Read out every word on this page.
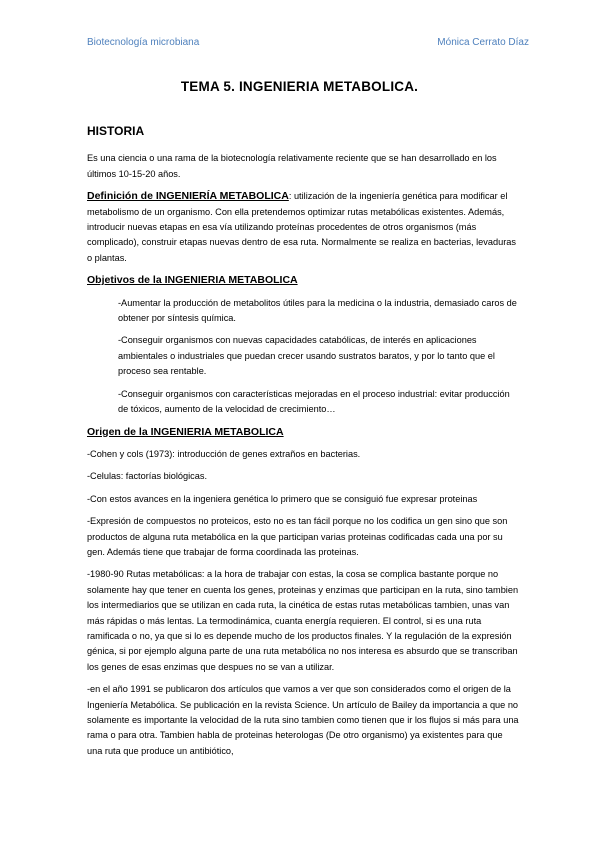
Biotecnología microbiana	Mónica Cerrato Díaz
TEMA 5. INGENIERIA METABOLICA.
HISTORIA

Es una ciencia o una rama de la biotecnología relativamente reciente que se han desarrollado en los últimos 10-15-20 años.

Definición de INGENIERÍA METABOLICA: utilización de la ingeniería genética para modificar el metabolismo de un organismo. Con ella pretendemos optimizar rutas metabólicas existentes. Además, introducir nuevas etapas en esa vía utilizando proteínas procedentes de otros organismos (más complicado), construir etapas nuevas dentro de esa ruta. Normalmente se realiza en bacterias, levaduras o plantas.

Objetivos de la INGENIERIA METABOLICA

-Aumentar la producción de metabolitos útiles para la medicina o la industria, demasiado caros de obtener por síntesis química.

-Conseguir organismos con nuevas capacidades catabólicas, de interés en aplicaciones ambientales o industriales que puedan crecer usando sustratos baratos, y por lo tanto que el proceso sea rentable.

-Conseguir organismos con características mejoradas en el proceso industrial: evitar producción de tóxicos, aumento de la velocidad de crecimiento…

Origen de la INGENIERIA METABOLICA

-Cohen y cols (1973): introducción de genes extraños en bacterias.

-Celulas: factorías biológicas.

-Con estos avances en la ingeniera genética lo primero que se consiguió fue expresar proteinas

-Expresión de compuestos no proteicos, esto no es tan fácil porque no los codifica un gen sino que son productos de alguna ruta metabólica en la que participan varias proteinas codificadas cada una por su gen. Además tiene que trabajar de forma coordinada las proteinas.

-1980-90 Rutas metabólicas: a la hora de trabajar con estas, la cosa se complica bastante porque no solamente hay que tener en cuenta los genes, proteinas y enzimas que participan en la ruta, sino tambien los intermediarios que se utilizan en cada ruta, la cinética de estas rutas metabólicas tambien, unas van más rápidas o más lentas. La termodinámica, cuanta energía requieren. El control, si es una ruta ramificada o no, ya que si lo es depende mucho de los productos finales. Y la regulación de la expresión génica, si por ejemplo alguna parte de una ruta metabólica no nos interesa es absurdo que se transcriban los genes de esas enzimas que despues no se van a utilizar.

-en el año 1991 se publicaron dos artículos que vamos a ver que son considerados como el origen de la Ingeniería Metabólica. Se publicación en la revista Science. Un artículo de Bailey da importancia a que no solamente es importante la velocidad de la ruta sino tambien como tienen que ir los flujos si más para una rama o para otra. Tambien habla de proteinas heterologas (De otro organismo) ya existentes para que una ruta que produce un antibiótico,
